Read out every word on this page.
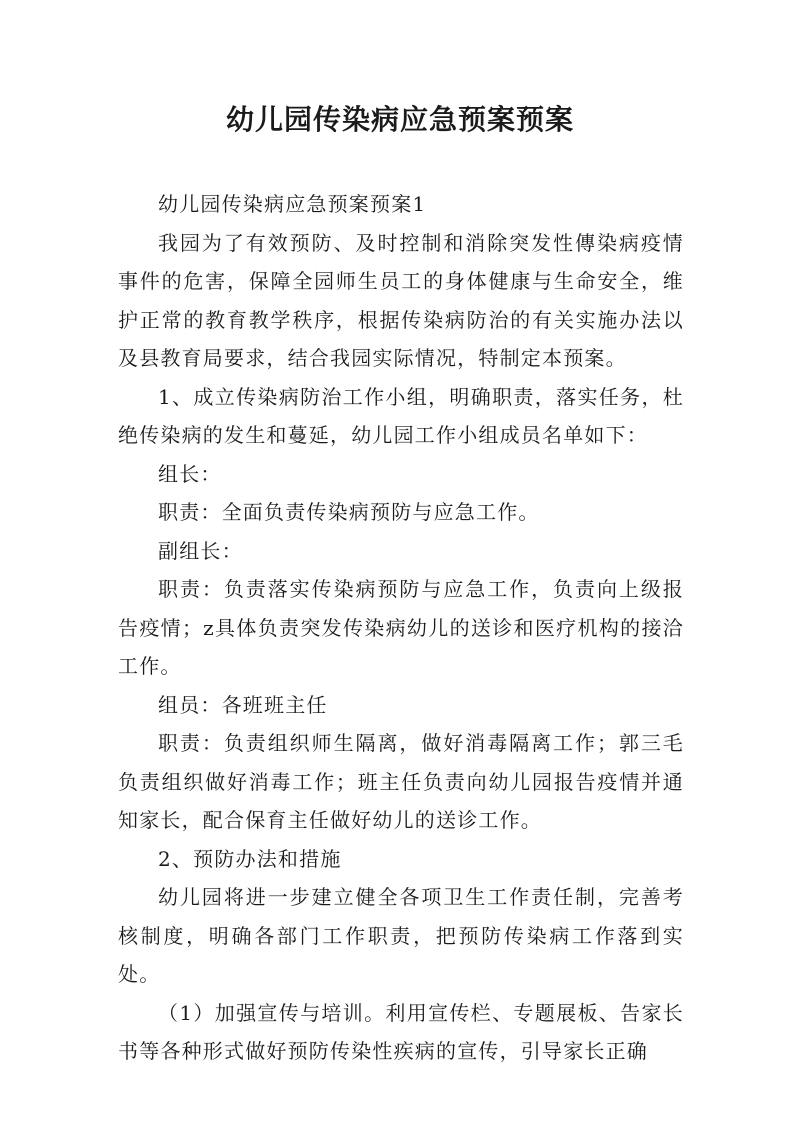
幼儿园传染病应急预案预案

幼儿园传染病应急预案预案1

我园为了有效预防、及时控制和消除突发性傳染病疫情事件的危害，保障全园师生员工的身体健康与生命安全，维护正常的教育教学秩序，根据传染病防治的有关实施办法以及县教育局要求，结合我园实际情况，特制定本预案。

1、成立传染病防治工作小组，明确职责，落实任务，杜绝传染病的发生和蔓延，幼儿园工作小组成员名单如下：

组长：

职责：全面负责传染病预防与应急工作。

副组长：

职责：负责落实传染病预防与应急工作，负责向上级报告疫情；z具体负责突发传染病幼儿的送诊和医疗机构的接洽工作。

组员：各班班主任

职责：负责组织师生隔离，做好消毒隔离工作；郭三毛负责组织做好消毒工作；班主任负责向幼儿园报告疫情并通知家长，配合保育主任做好幼儿的送诊工作。

2、预防办法和措施

幼儿园将进一步建立健全各项卫生工作责任制，完善考核制度，明确各部门工作职责，把预防传染病工作落到实处。

（1）加强宣传与培训。利用宣传栏、专题展板、告家长书等各种形式做好预防传染性疾病的宣传，引导家长正确
